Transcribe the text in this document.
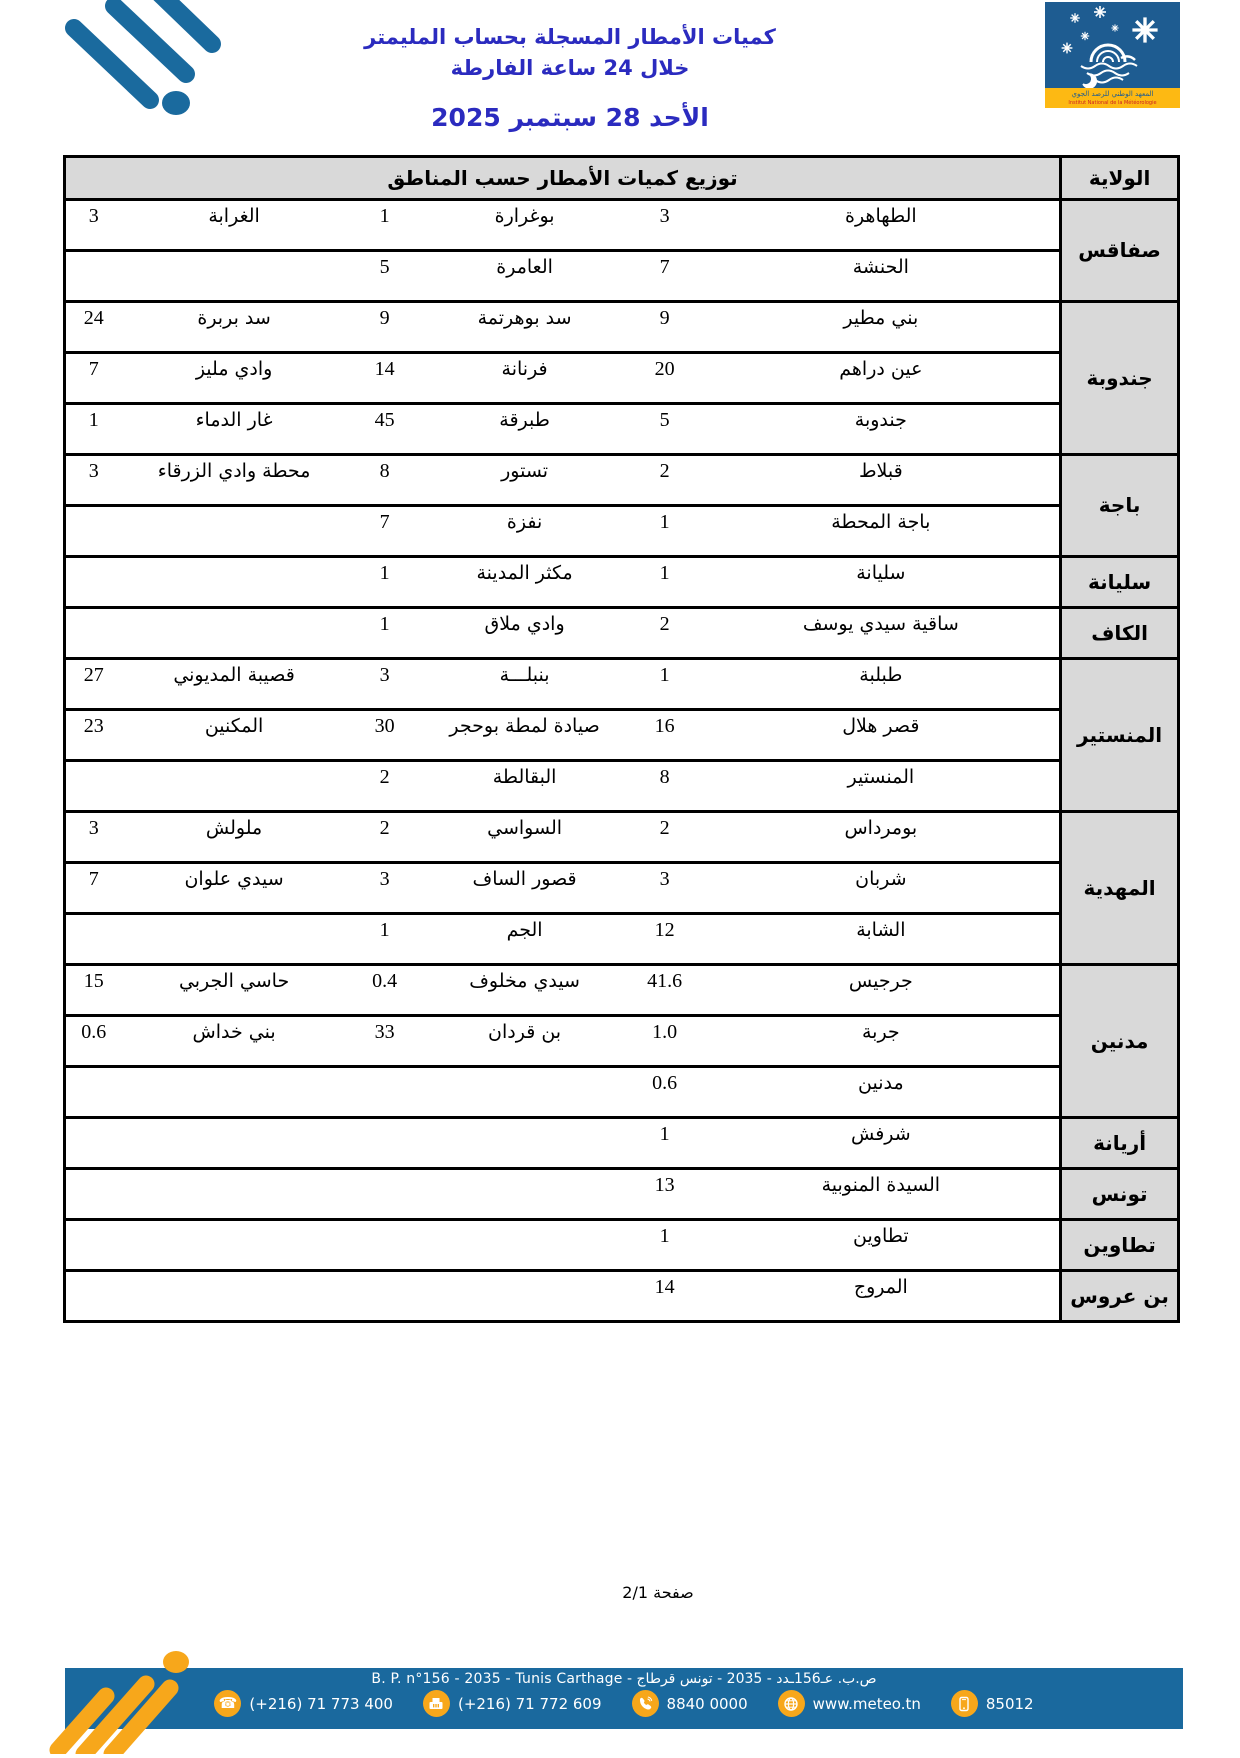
كميات الأمطار المسجلة بحساب المليمتر
خلال 24 ساعة الفارطة
الأحد 28 سبتمبر 2025
المعهد الوطني للرصد الجوي
Institut National de la Météorologie
الولاية	توزيع كميات الأمطار حسب المناطق					
صفاقس	الطهاهرة	3	بوغرارة	1	الغرابة	3
	الحنشة	7	العامرة	5		
جندوبة	بني مطير	9	سد بوهرتمة	9	سد بربرة	24
	عين دراهم	20	فرنانة	14	وادي مليز	7
	جندوبة	5	طبرقة	45	غار الدماء	1
باجة	قبلاط	2	تستور	8	محطة وادي الزرقاء	3
	باجة المحطة	1	نفزة	7		
سليانة	سليانة	1	مكثر المدينة	1		
الكاف	ساقية سيدي يوسف	2	وادي ملاق	1		
المنستير	طبلبة	1	بنبلـــة	3	قصيبة المديوني	27
	قصر هلال	16	صيادة لمطة بوحجر	30	المكنين	23
	المنستير	8	البقالطة	2		
المهدية	بومرداس	2	السواسي	2	ملولش	3
	شربان	3	قصور الساف	3	سيدي علوان	7
	الشابة	12	الجم	1		
مدنين	جرجيس	41.6	سيدي مخلوف	0.4	حاسي الجربي	15
	جربة	1.0	بن قردان	33	بني خداش	0.6
	مدنين	0.6				
أريانة	شرفش	1				
تونس	السيدة المنوبية	13				
تطاوين	تطاوين	1				
بن عروس	المروج	14				
صفحة 2/1
ص.ب. عـ156ـدد - 2035 - تونس قرطاج - B. P. n°156 - 2035 - Tunis Carthage
☎ (+216) 71 773 400	(+216) 71 772 609	8840 0000	www.meteo.tn	85012
